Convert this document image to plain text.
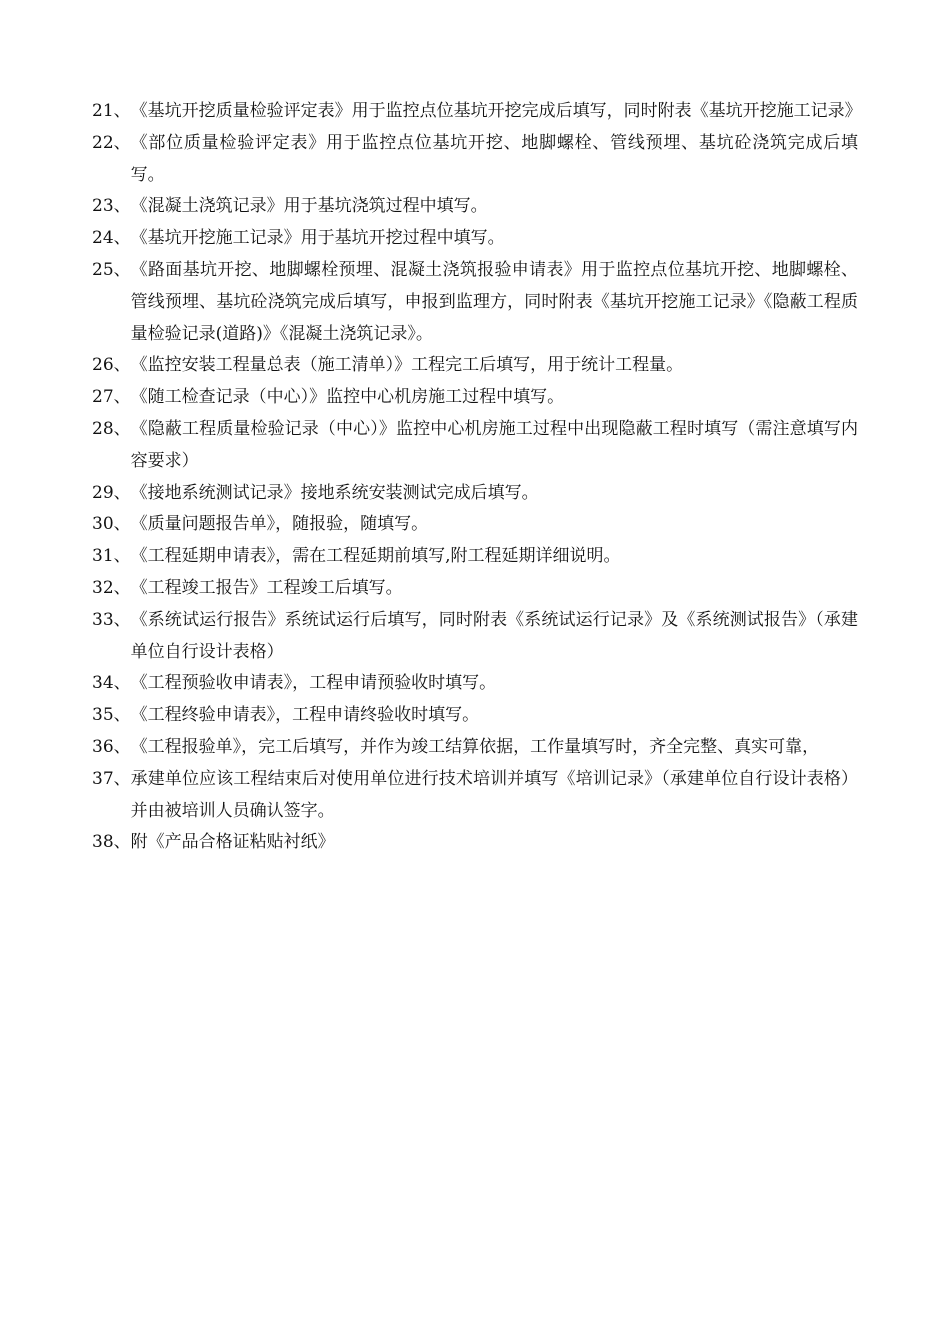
21、 《基坑开挖质量检验评定表》用于监控点位基坑开挖完成后填写，同时附表《基坑开挖施工记录》
22、 《部位质量检验评定表》用于监控点位基坑开挖、地脚螺栓、管线预埋、基坑砼浇筑完成后填写。
23、 《混凝土浇筑记录》用于基坑浇筑过程中填写。
24、 《基坑开挖施工记录》用于基坑开挖过程中填写。
25、 《路面基坑开挖、地脚螺栓预埋、混凝土浇筑报验申请表》用于监控点位基坑开挖、地脚螺栓、管线预埋、基坑砼浇筑完成后填写，申报到监理方，同时附表《基坑开挖施工记录》《隐蔽工程质量检验记录(道路)》《混凝土浇筑记录》。
26、 《监控安装工程量总表（施工清单）》工程完工后填写，用于统计工程量。
27、 《随工检查记录（中心）》监控中心机房施工过程中填写。
28、 《隐蔽工程质量检验记录（中心）》监控中心机房施工过程中出现隐蔽工程时填写（需注意填写内容要求）
29、 《接地系统测试记录》接地系统安装测试完成后填写。
30、 《质量问题报告单》，随报验，随填写。
31、 《工程延期申请表》，需在工程延期前填写,附工程延期详细说明。
32、 《工程竣工报告》工程竣工后填写。
33、 《系统试运行报告》系统试运行后填写，同时附表《系统试运行记录》及《系统测试报告》（承建单位自行设计表格）
34、 《工程预验收申请表》，工程申请预验收时填写。
35、 《工程终验申请表》，工程申请终验收时填写。
36、 《工程报验单》，完工后填写，并作为竣工结算依据，工作量填写时，齐全完整、真实可靠，
37、 承建单位应该工程结束后对使用单位进行技术培训并填写《培训记录》（承建单位自行设计表格）并由被培训人员确认签字。
38、 附《产品合格证粘贴衬纸》
